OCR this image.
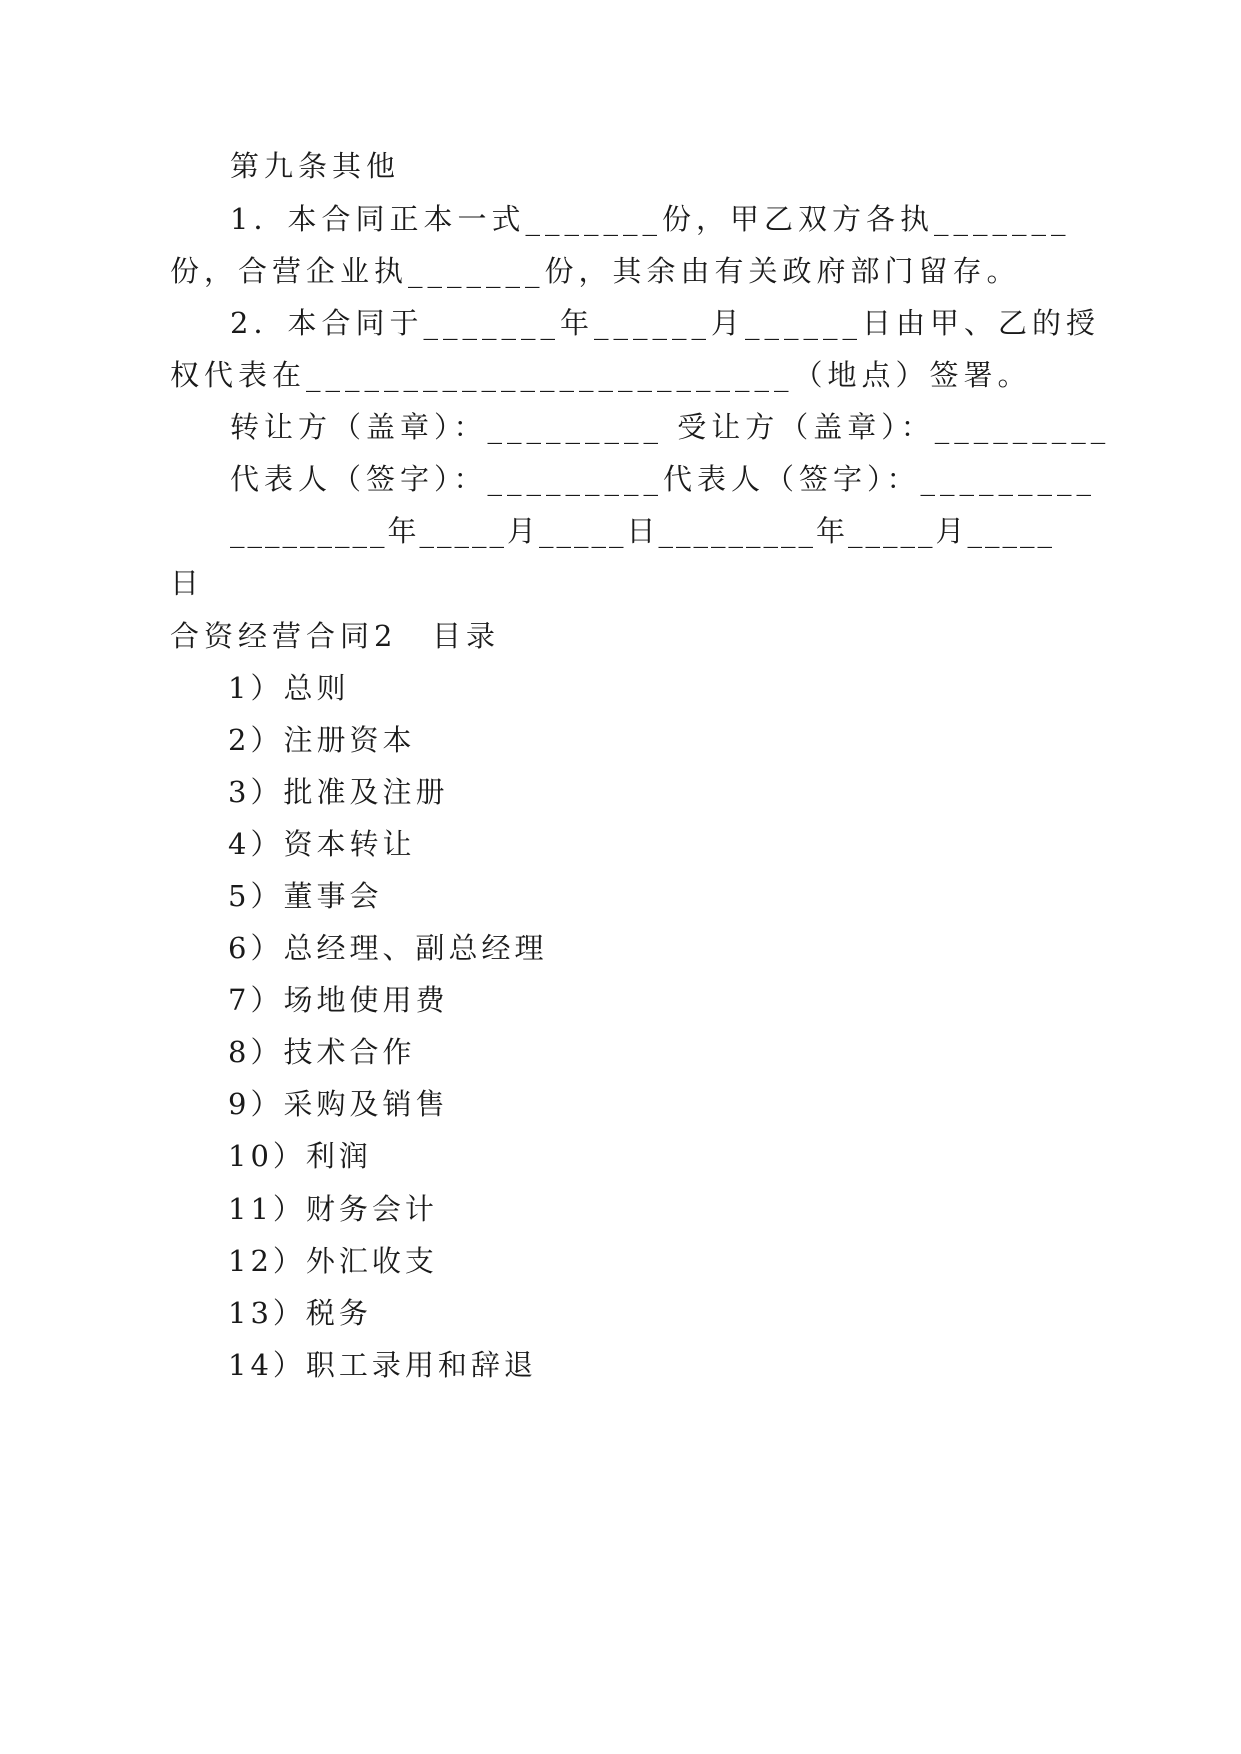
第九条其他

1．本合同正本一式_______份，甲乙双方各执_______

份，合营企业执_______份，其余由有关政府部门留存。

2．本合同于_______年______月______日由甲、乙的授

权代表在_________________________（地点）签署。

转让方（盖章）：_________ 受让方（盖章）：_________

代表人（签字）：_________代表人（签字）：_________

_________年_____月_____日_________年_____月_____

日

合资经营合同2 目录

1）总则

2）注册资本

3）批准及注册

4）资本转让

5）董事会

6）总经理、副总经理

7）场地使用费

8）技术合作

9）采购及销售

10）利润

11）财务会计

12）外汇收支

13）税务

14）职工录用和辞退
